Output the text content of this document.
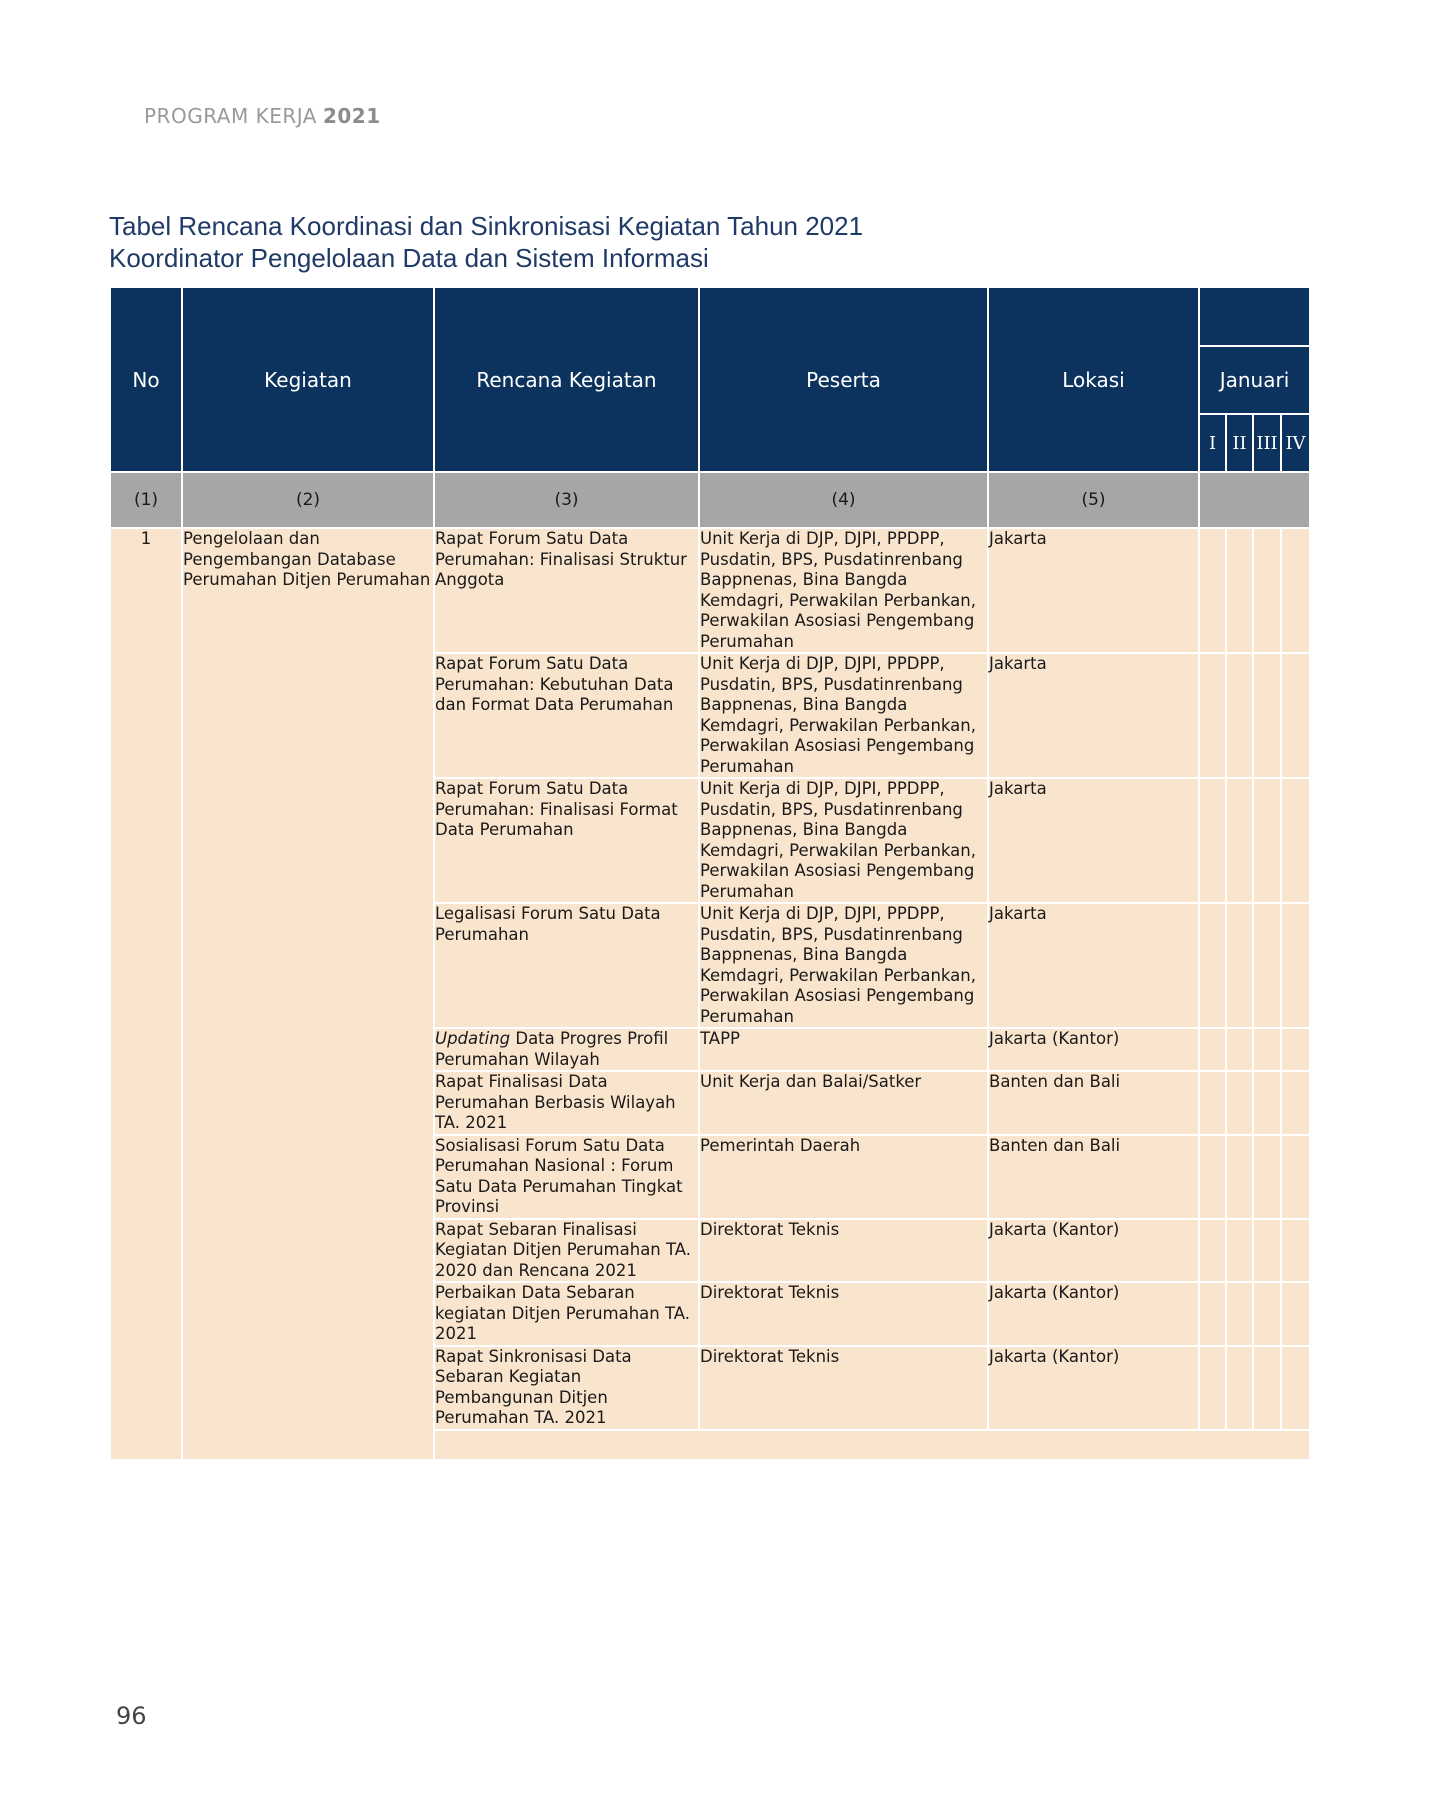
PROGRAM KERJA 2021
Tabel Rencana Koordinasi dan Sinkronisasi Kegiatan Tahun 2021
Koordinator Pengelolaan Data dan Sistem Informasi
No	Kegiatan	Rencana Kegiatan	Peserta	Lokasi				
					Januari			
					I	II	III	IV
(1)	(2)	(3)	(4)	(5)				
1	Pengelolaan dan Pengembangan Database Perumahan Ditjen Perumahan	Rapat Forum Satu Data Perumahan: Finalisasi Struktur Anggota	Unit Kerja di DJP, DJPI, PPDPP, Pusdatin, BPS, Pusdatinrenbang Bappnenas, Bina Bangda Kemdagri, Perwakilan Perbankan, Perwakilan Asosiasi Pengembang Perumahan	Jakarta				
		Rapat Forum Satu Data Perumahan: Kebutuhan Data dan Format Data Perumahan	Unit Kerja di DJP, DJPI, PPDPP, Pusdatin, BPS, Pusdatinrenbang Bappnenas, Bina Bangda Kemdagri, Perwakilan Perbankan, Perwakilan Asosiasi Pengembang Perumahan	Jakarta				
		Rapat Forum Satu Data Perumahan: Finalisasi Format Data Perumahan	Unit Kerja di DJP, DJPI, PPDPP, Pusdatin, BPS, Pusdatinrenbang Bappnenas, Bina Bangda Kemdagri, Perwakilan Perbankan, Perwakilan Asosiasi Pengembang Perumahan	Jakarta				
		Legalisasi Forum Satu Data Perumahan	Unit Kerja di DJP, DJPI, PPDPP, Pusdatin, BPS, Pusdatinrenbang Bappnenas, Bina Bangda Kemdagri, Perwakilan Perbankan, Perwakilan Asosiasi Pengembang Perumahan	Jakarta				
		Updating Data Progres Profil Perumahan Wilayah	TAPP	Jakarta (Kantor)				
		Rapat Finalisasi Data Perumahan Berbasis Wilayah TA. 2021	Unit Kerja dan Balai/Satker	Banten dan Bali				
		Sosialisasi Forum Satu Data Perumahan Nasional : Forum Satu Data Perumahan Tingkat Provinsi	Pemerintah Daerah	Banten dan Bali				
		Rapat Sebaran Finalisasi Kegiatan Ditjen Perumahan TA. 2020 dan Rencana 2021	Direktorat Teknis	Jakarta (Kantor)				
		Perbaikan Data Sebaran kegiatan Ditjen Perumahan TA. 2021	Direktorat Teknis	Jakarta (Kantor)				
		Rapat Sinkronisasi Data Sebaran Kegiatan Pembangunan Ditjen Perumahan TA. 2021	Direktorat Teknis	Jakarta (Kantor)				

96
